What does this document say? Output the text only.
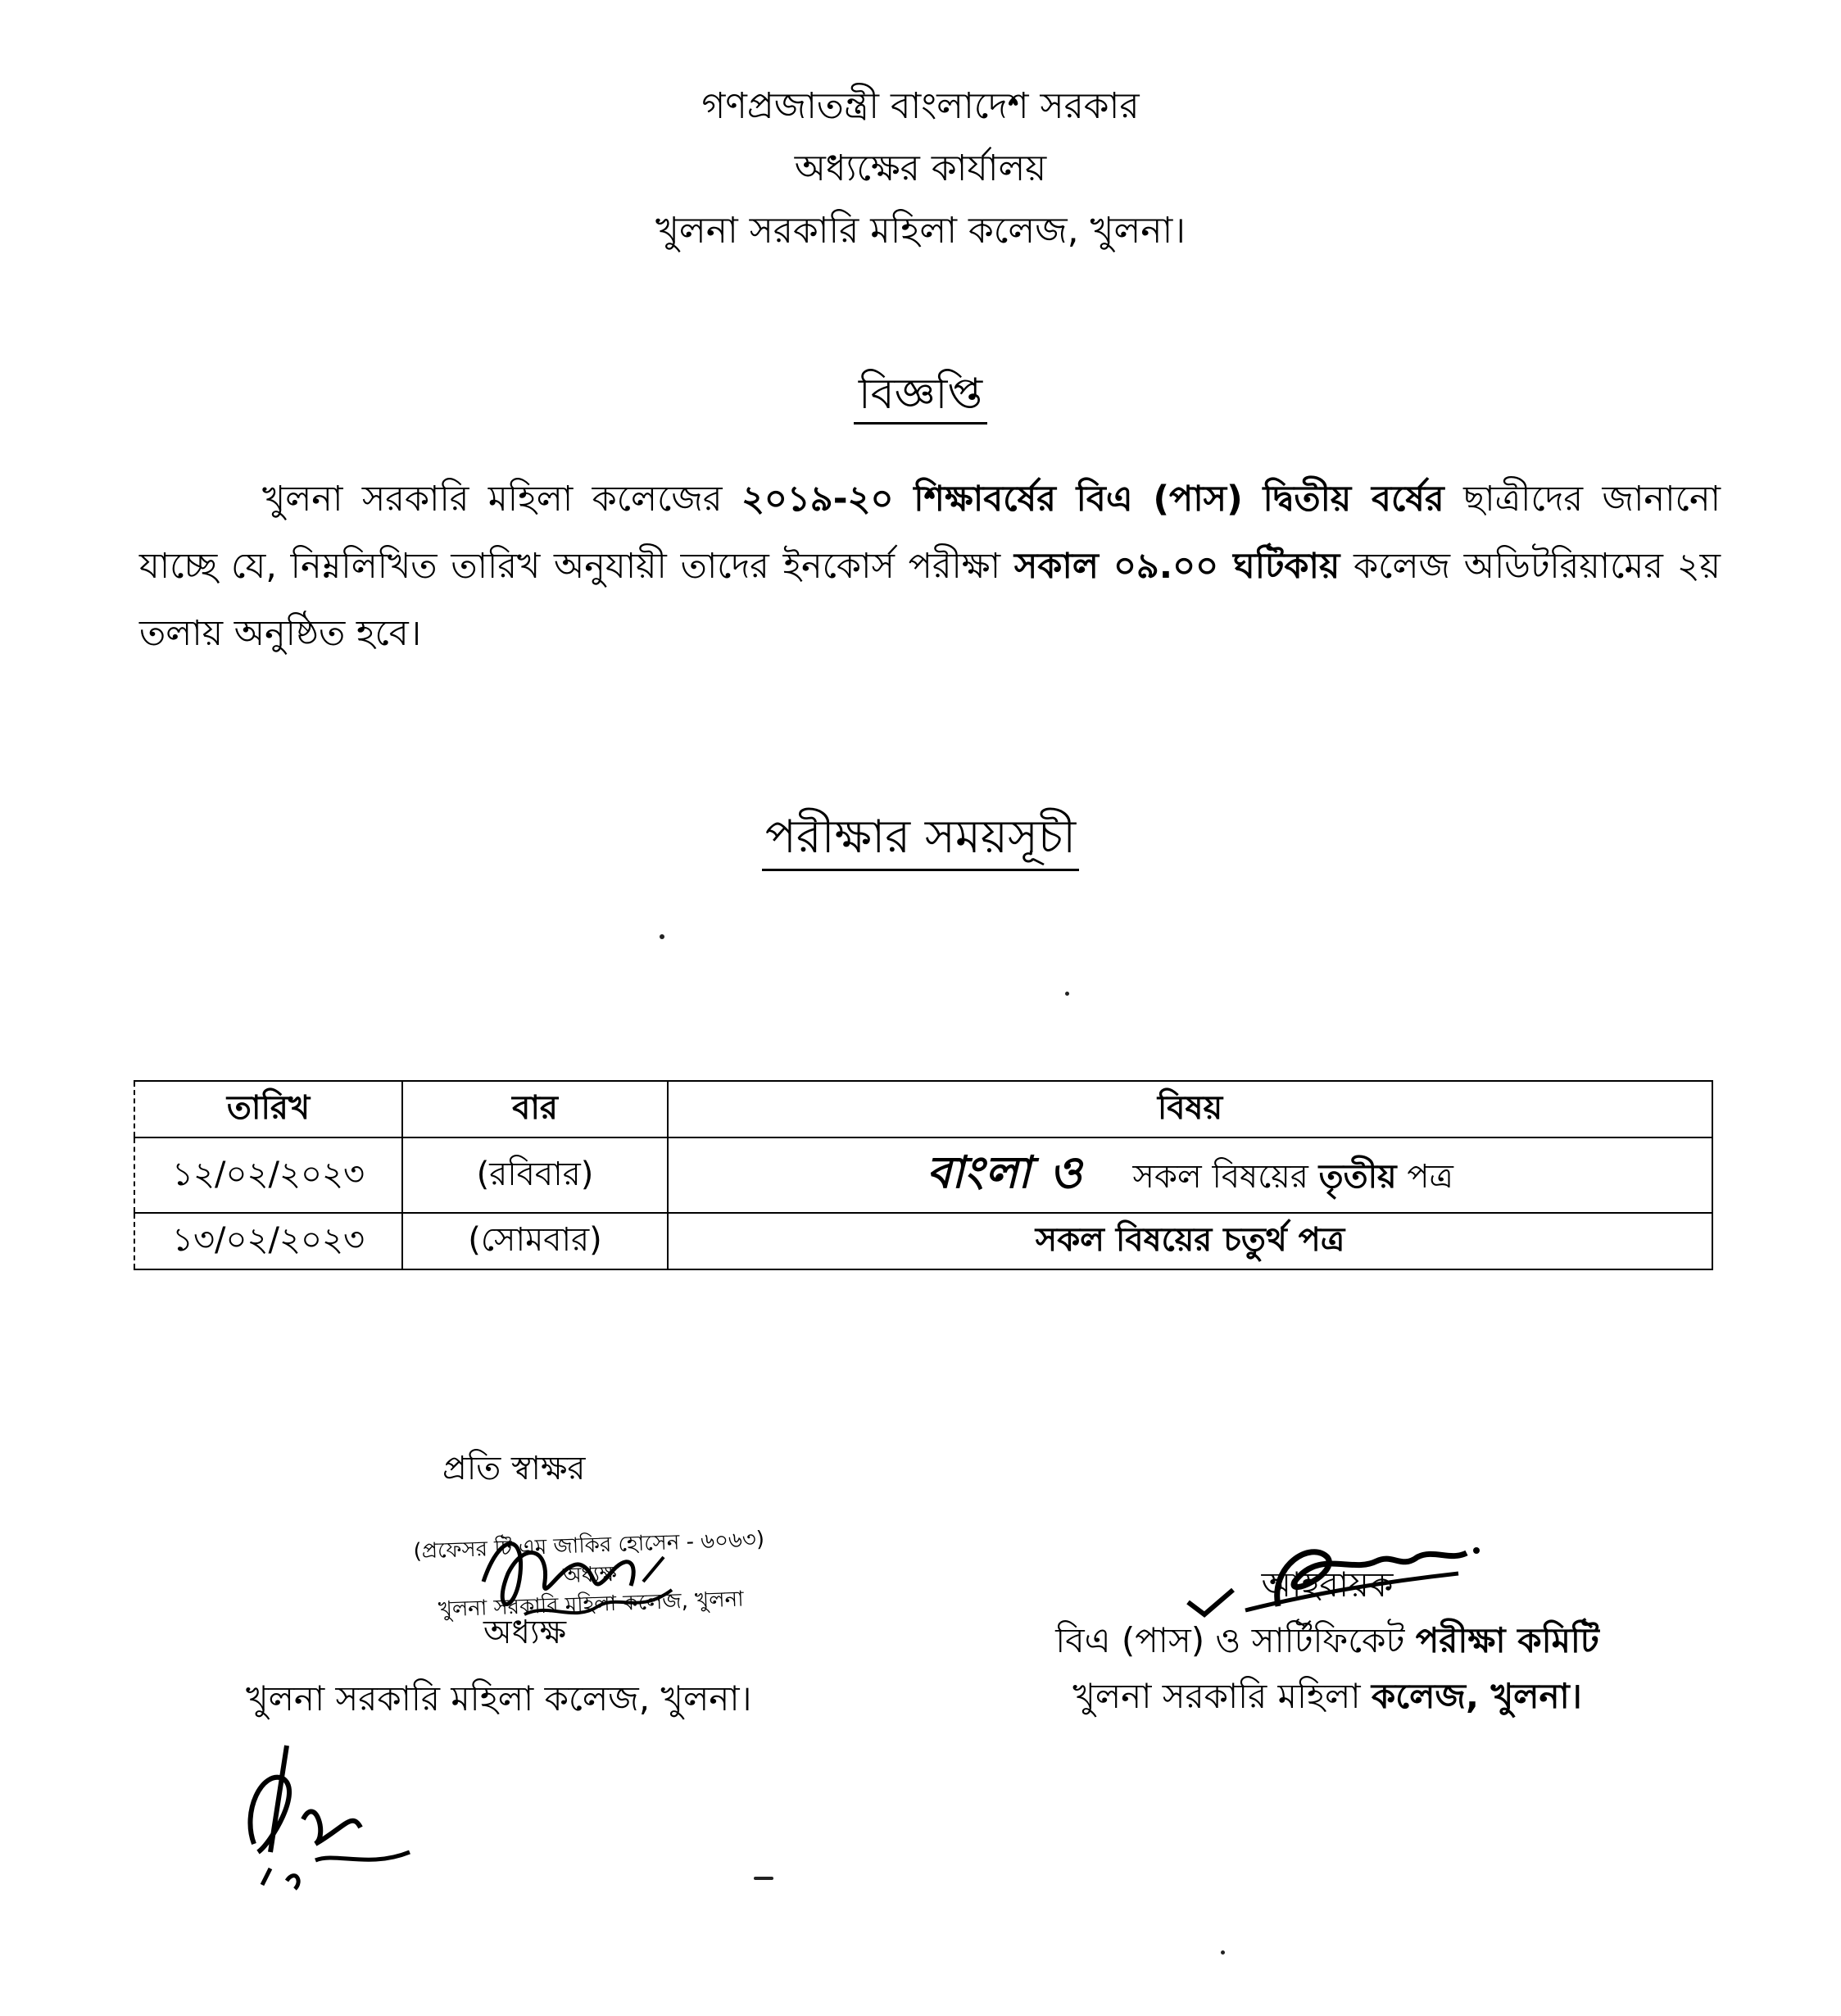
গণপ্রজাতন্ত্রী বাংলাদেশ সরকার
অধ্যক্ষের কার্যালয়
খুলনা সরকারি মহিলা কলেজ, খুলনা।
বিজ্ঞপ্তি
খুলনা সরকারি মহিলা কলেজের ২০১৯-২০ শিক্ষাবর্ষের বিএ (পাস) দ্বিতীয় বর্ষের ছাত্রীদের জানানো যাচ্ছে যে, নিম্নলিখিত তারিখ অনুযায়ী তাদের ইনকোর্স পরীক্ষা সকাল ০৯.০০ ঘটিকায় কলেজ অডিটরিয়ামের ২য় তলায় অনুষ্ঠিত হবে।
পরীক্ষার সময়সূচী
তারিখ	বার	বিষয়
১২/০২/২০২৩	(রবিবার)	বাংলা ও সকল বিষয়ের তৃতীয় পত্র
১৩/০২/২০২৩	(সোমবার)	সকল বিষয়ের চতুর্থ পত্র
প্রতি স্বাক্ষর
অধ্যক্ষ
খুলনা সরকারি মহিলা কলেজ, খুলনা।
(প্রফেসর টি এম জাকির হোসেন - ৬০৬৩)
অধ্যক্ষ
খুলনা সরকারি মহিলা কলেজ, খুলনা	আহবায়ক
বিএ (পাস) ও সার্টিফিকেট পরীক্ষা কমিটি
খুলনা সরকারি মহিলা কলেজ, খুলনা।
